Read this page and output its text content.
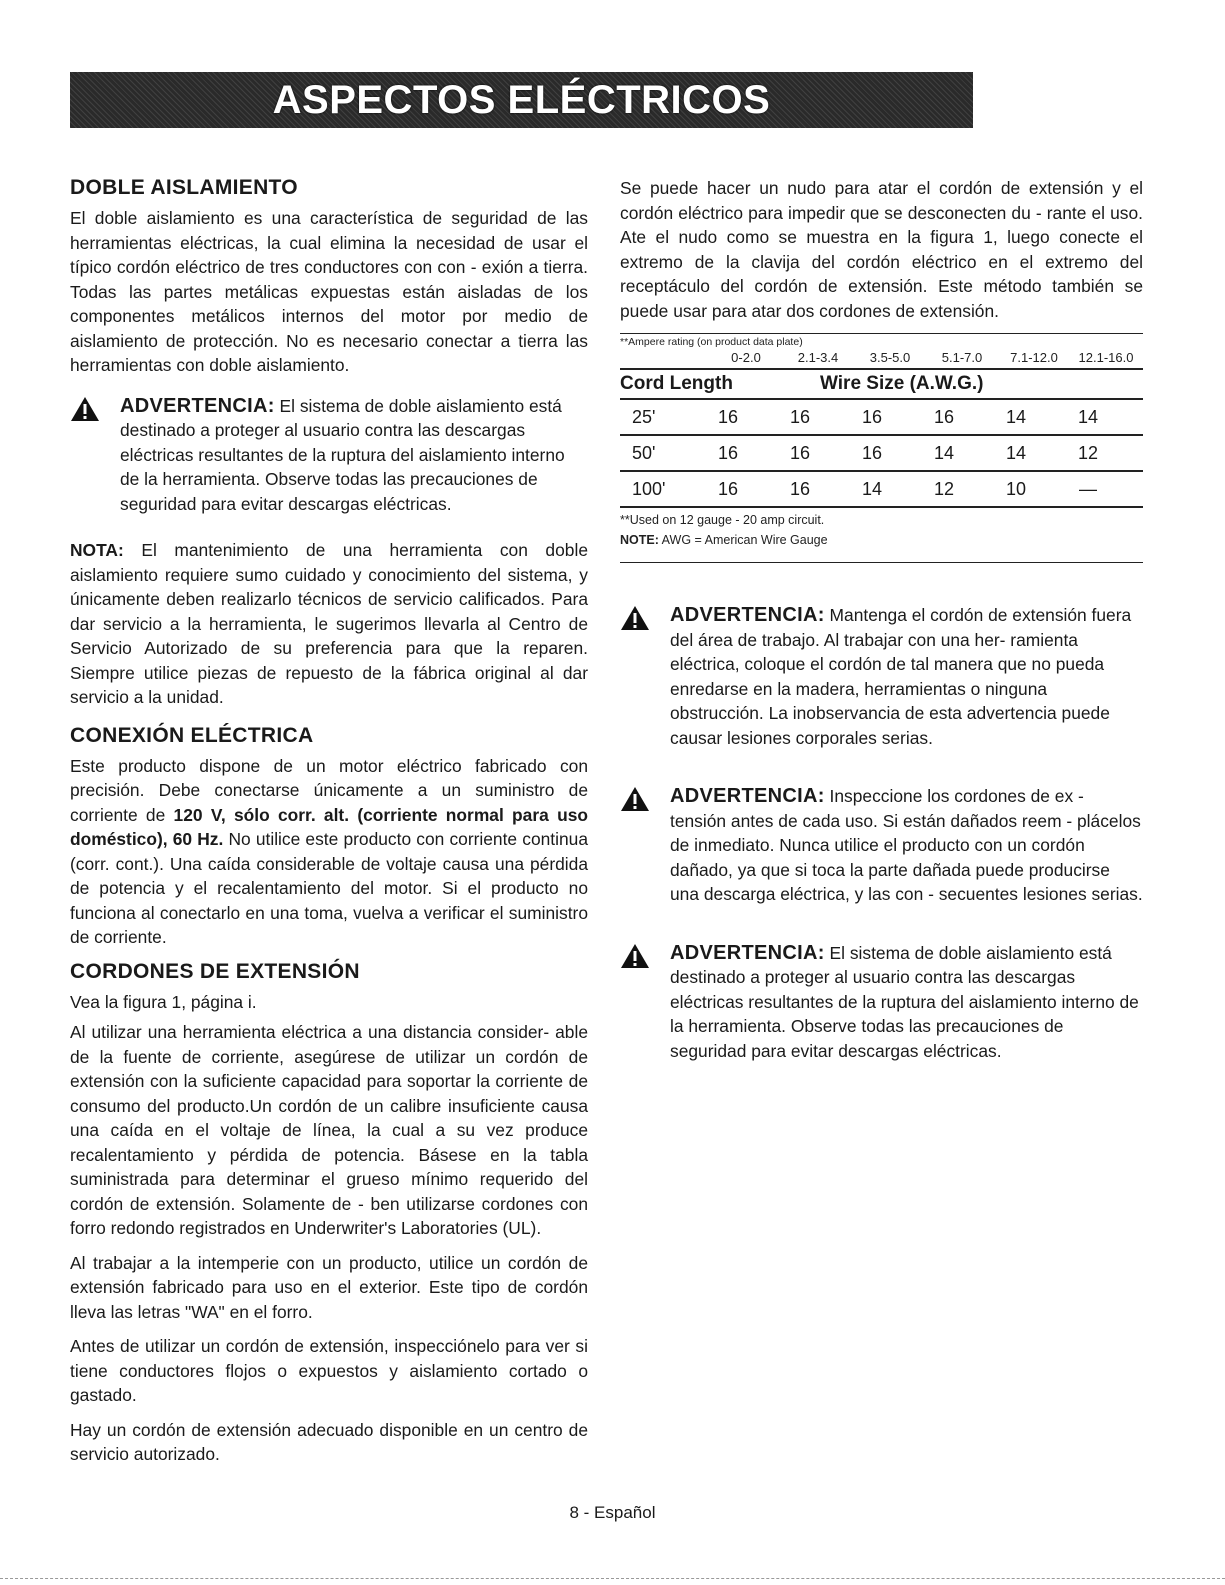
ASPECTOS ELÉCTRICOS
DOBLE AISLAMIENTO

El doble aislamiento es una característica de seguridad de las herramientas eléctricas, la cual elimina la necesidad de usar el típico cordón eléctrico de tres conductores con con - exión a tierra. Todas las partes metálicas expuestas están aisladas de los componentes metálicos internos del motor por medio de aislamiento de protección. No es necesario conectar a tierra las herramientas con doble aislamiento.

ADVERTENCIA: El sistema de doble aislamiento está destinado a proteger al usuario contra las descargas eléctricas resultantes de la ruptura del aislamiento interno de la herramienta. Observe todas las precauciones de seguridad para evitar descargas eléctricas.

NOTA: El mantenimiento de una herramienta con doble aislamiento requiere sumo cuidado y conocimiento del sistema, y únicamente deben realizarlo técnicos de servicio calificados. Para dar servicio a la herramienta, le sugerimos llevarla al Centro de Servicio Autorizado de su preferencia para que la reparen. Siempre utilice piezas de repuesto de la fábrica original al dar servicio a la unidad.

CONEXIÓN ELÉCTRICA

Este producto dispone de un motor eléctrico fabricado con precisión. Debe conectarse únicamente a un suministro de corriente de 120 V, sólo corr. alt. (corriente normal para uso doméstico), 60 Hz. No utilice este producto con corriente continua (corr. cont.). Una caída considerable de voltaje causa una pérdida de potencia y el recalentamiento del motor. Si el producto no funciona al conectarlo en una toma, vuelva a verificar el suministro de corriente.

CORDONES DE EXTENSIÓN

Vea la figura 1, página i.

Al utilizar una herramienta eléctrica a una distancia consider- able de la fuente de corriente, asegúrese de utilizar un cordón de extensión con la suficiente capacidad para soportar la corriente de consumo del producto.Un cordón de un calibre insuficiente causa una caída en el voltaje de línea, la cual a su vez produce recalentamiento y pérdida de potencia. Básese en la tabla suministrada para determinar el grueso mínimo requerido del cordón de extensión. Solamente de - ben utilizarse cordones con forro redondo registrados en Underwriter's Laboratories (UL).

Al trabajar a la intemperie con un producto, utilice un cordón de extensión fabricado para uso en el exterior. Este tipo de cordón lleva las letras "WA" en el forro.

Antes de utilizar un cordón de extensión, inspecciónelo para ver si tiene conductores flojos o expuestos y aislamiento cortado o gastado.

Hay un cordón de extensión adecuado disponible en un centro de servicio autorizado.

Se puede hacer un nudo para atar el cordón de extensión y el cordón eléctrico para impedir que se desconecten du - rante el uso. Ate el nudo como se muestra en la figura 1, luego conecte el extremo de la clavija del cordón eléctrico en el extremo del receptáculo del cordón de extensión. Este método también se puede usar para atar dos cordones de extensión.

**Ampere rating (on product data plate)
0-2.0	2.1-3.4	3.5-5.0	5.1-7.0	7.1-12.0	12.1-16.0
Cord Length	Wire Size (A.W.G.)
25'	16	16	16	16	14	14
50'	16	16	16	14	14	12
100'	16	16	14	12	10	—
**Used on 12 gauge - 20 amp circuit.
NOTE: AWG = American Wire Gauge

ADVERTENCIA: Mantenga el cordón de extensión fuera del área de trabajo. Al trabajar con una her- ramienta eléctrica, coloque el cordón de tal manera que no pueda enredarse en la madera, herramientas o ninguna obstrucción. La inobservancia de esta advertencia puede causar lesiones corporales serias.

ADVERTENCIA: Inspeccione los cordones de ex - tensión antes de cada uso. Si están dañados reem - plácelos de inmediato. Nunca utilice el producto con un cordón dañado, ya que si toca la parte dañada puede producirse una descarga eléctrica, y las con - secuentes lesiones serias.

ADVERTENCIA: El sistema de doble aislamiento está destinado a proteger al usuario contra las descargas eléctricas resultantes de la ruptura del aislamiento interno de la herramienta. Observe todas las precauciones de seguridad para evitar descargas eléctricas.

8 - Español
